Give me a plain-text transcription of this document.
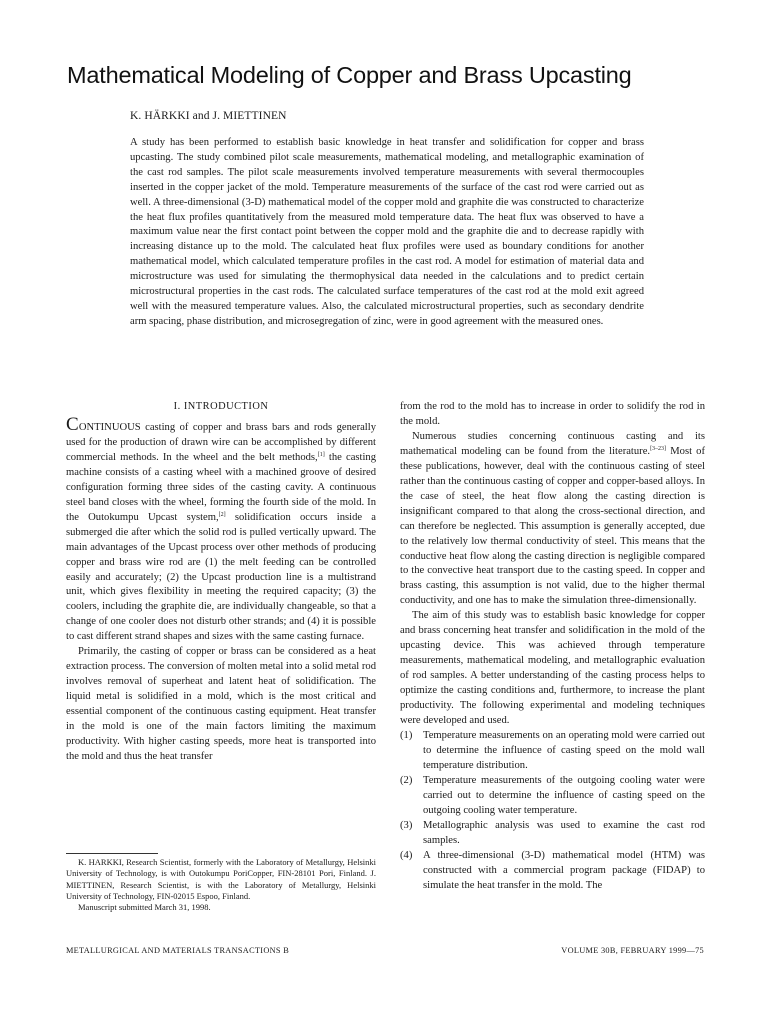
Mathematical Modeling of Copper and Brass Upcasting
K. HÄRKKI and J. MIETTINEN
A study has been performed to establish basic knowledge in heat transfer and solidification for copper and brass upcasting. The study combined pilot scale measurements, mathematical modeling, and metallographic examination of the cast rod samples. The pilot scale measurements involved temperature measurements with several thermocouples inserted in the copper jacket of the mold. Temperature measurements of the surface of the cast rod were carried out as well. A three-dimensional (3-D) mathematical model of the copper mold and graphite die was constructed to characterize the heat flux profiles quantitatively from the measured mold temperature data. The heat flux was observed to have a maximum value near the first contact point between the copper mold and the graphite die and to decrease rapidly with increasing distance up to the mold. The calculated heat flux profiles were used as boundary conditions for another mathematical model, which calculated temperature profiles in the cast rod. A model for estimation of material data and microstructure was used for simulating the thermophysical data needed in the calculations and to predict certain microstructural properties in the cast rods. The calculated surface temperatures of the cast rod at the mold exit agreed well with the measured temperature values. Also, the calculated microstructural properties, such as secondary dendrite arm spacing, phase distribution, and microsegregation of zinc, were in good agreement with the measured ones.
I. INTRODUCTION

CONTINUOUS casting of copper and brass bars and rods generally used for the production of drawn wire can be accomplished by different commercial methods. In the wheel and the belt methods,[1] the casting machine consists of a casting wheel with a machined groove of desired configuration forming three sides of the casting cavity. A continuous steel band closes with the wheel, forming the fourth side of the mold. In the Outokumpu Upcast system,[2] solidification occurs inside a submerged die after which the solid rod is pulled vertically upward. The main advantages of the Upcast process over other methods of producing copper and brass wire rod are (1) the melt feeding can be controlled easily and accurately; (2) the Upcast production line is a multistrand unit, which gives flexibility in meeting the required capacity; (3) the coolers, including the graphite die, are individually changeable, so that a change of one cooler does not disturb other strands; and (4) it is possible to cast different strand shapes and sizes with the same casting furnace.

Primarily, the casting of copper or brass can be considered as a heat extraction process. The conversion of molten metal into a solid metal rod involves removal of superheat and latent heat of solidification. The liquid metal is solidified in a mold, which is the most critical and essential component of the continuous casting equipment. Heat transfer in the mold is one of the main factors limiting the maximum productivity. With higher casting speeds, more heat is transported into the mold and thus the heat transfer

from the rod to the mold has to increase in order to solidify the rod in the mold.

Numerous studies concerning continuous casting and its mathematical modeling can be found from the literature.[3–23] Most of these publications, however, deal with the continuous casting of steel rather than the continuous casting of copper and copper-based alloys. In the case of steel, the heat flow along the casting direction is insignificant compared to that along the cross-sectional direction, and can therefore be neglected. This assumption is generally accepted, due to the relatively low thermal conductivity of steel. This means that the conductive heat flow along the casting direction is negligible compared to the convective heat transport due to the casting speed. In copper and brass casting, this assumption is not valid, due to the higher thermal conductivity, and one has to make the simulation three-dimensionally.

The aim of this study was to establish basic knowledge for copper and brass concerning heat transfer and solidification in the mold of the upcasting device. This was achieved through temperature measurements, mathematical modeling, and metallographic evaluation of rod samples. A better understanding of the casting process helps to optimize the casting conditions and, furthermore, to increase the plant productivity. The following experimental and modeling techniques were developed and used.

(1)	Temperature measurements on an operating mold were carried out to determine the influence of casting speed on the mold wall temperature distribution.
(2)	Temperature measurements of the outgoing cooling water were carried out to determine the influence of casting speed on the outgoing cooling water temperature.
(3)	Metallographic analysis was used to examine the cast rod samples.
(4)	A three-dimensional (3-D) mathematical model (HTM) was constructed with a commercial program package (FIDAP) to simulate the heat transfer in the mold. The
K. HARKKI, Research Scientist, formerly with the Laboratory of Metallurgy, Helsinki University of Technology, is with Outokumpu PoriCopper, FIN-28101 Pori, Finland. J. MIETTINEN, Research Scientist, is with the Laboratory of Metallurgy, Helsinki University of Technology, FIN-02015 Espoo, Finland.
Manuscript submitted March 31, 1998.
METALLURGICAL AND MATERIALS TRANSACTIONS B	VOLUME 30B, FEBRUARY 1999—75
